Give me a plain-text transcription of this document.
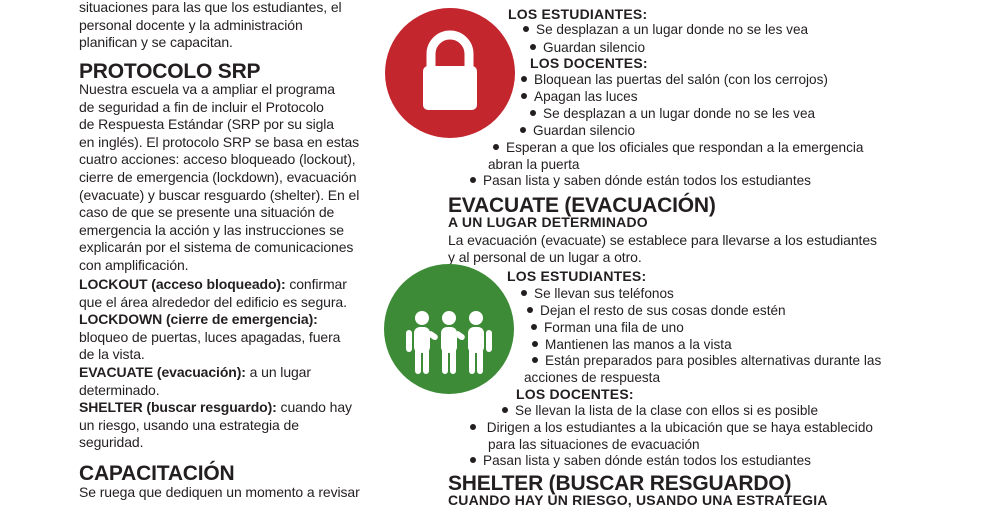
situaciones para las que los estudiantes, el

personal docente y la administración

planifican y se capacitan.

PROTOCOLO SRP

Nuestra escuela va a ampliar el programa

de seguridad a fin de incluir el Protocolo

de Respuesta Estándar (SRP por su sigla

en inglés). El protocolo SRP se basa en estas

cuatro acciones: acceso bloqueado (lockout),

cierre de emergencia (lockdown), evacuación

(evacuate) y buscar resguardo (shelter). En el

caso de que se presente una situación de

emergencia la acción y las instrucciones se

explicarán por el sistema de comunicaciones

con amplificación.

LOCKOUT (acceso bloqueado): confirmar

que el área alrededor del edificio es segura.

LOCKDOWN (cierre de emergencia):

bloqueo de puertas, luces apagadas, fuera

de la vista.

EVACUATE (evacuación): a un lugar

determinado.

SHELTER (buscar resguardo): cuando hay

un riesgo, usando una estrategia de

seguridad.

CAPACITACIÓN

Se ruega que dediquen un momento a revisar

LOS ESTUDIANTES:
Se desplazan a un lugar donde no se les vea
Guardan silencio
LOS DOCENTES:
Bloquean las puertas del salón (con los cerrojos)
Apagan las luces
Se desplazan a un lugar donde no se les vea
Guardan silencio
Esperan a que los oficiales que respondan a la emergencia
abran la puerta
Pasan lista y saben dónde están todos los estudiantes
EVACUATE (EVACUACIÓN)
A UN LUGAR DETERMINADO

La evacuación (evacuate) se establece para llevarse a los estudiantes

y al personal de un lugar a otro.

LOS ESTUDIANTES:
Se llevan sus teléfonos
Dejan el resto de sus cosas donde estén
Forman una fila de uno
Mantienen las manos a la vista
Están preparados para posibles alternativas durante las
acciones de respuesta
LOS DOCENTES:
Se llevan la lista de la clase con ellos si es posible
Dirigen a los estudiantes a la ubicación que se haya establecido
para las situaciones de evacuación
Pasan lista y saben dónde están todos los estudiantes
SHELTER (BUSCAR RESGUARDO)
CUANDO HAY UN RIESGO, USANDO UNA ESTRATEGIA
